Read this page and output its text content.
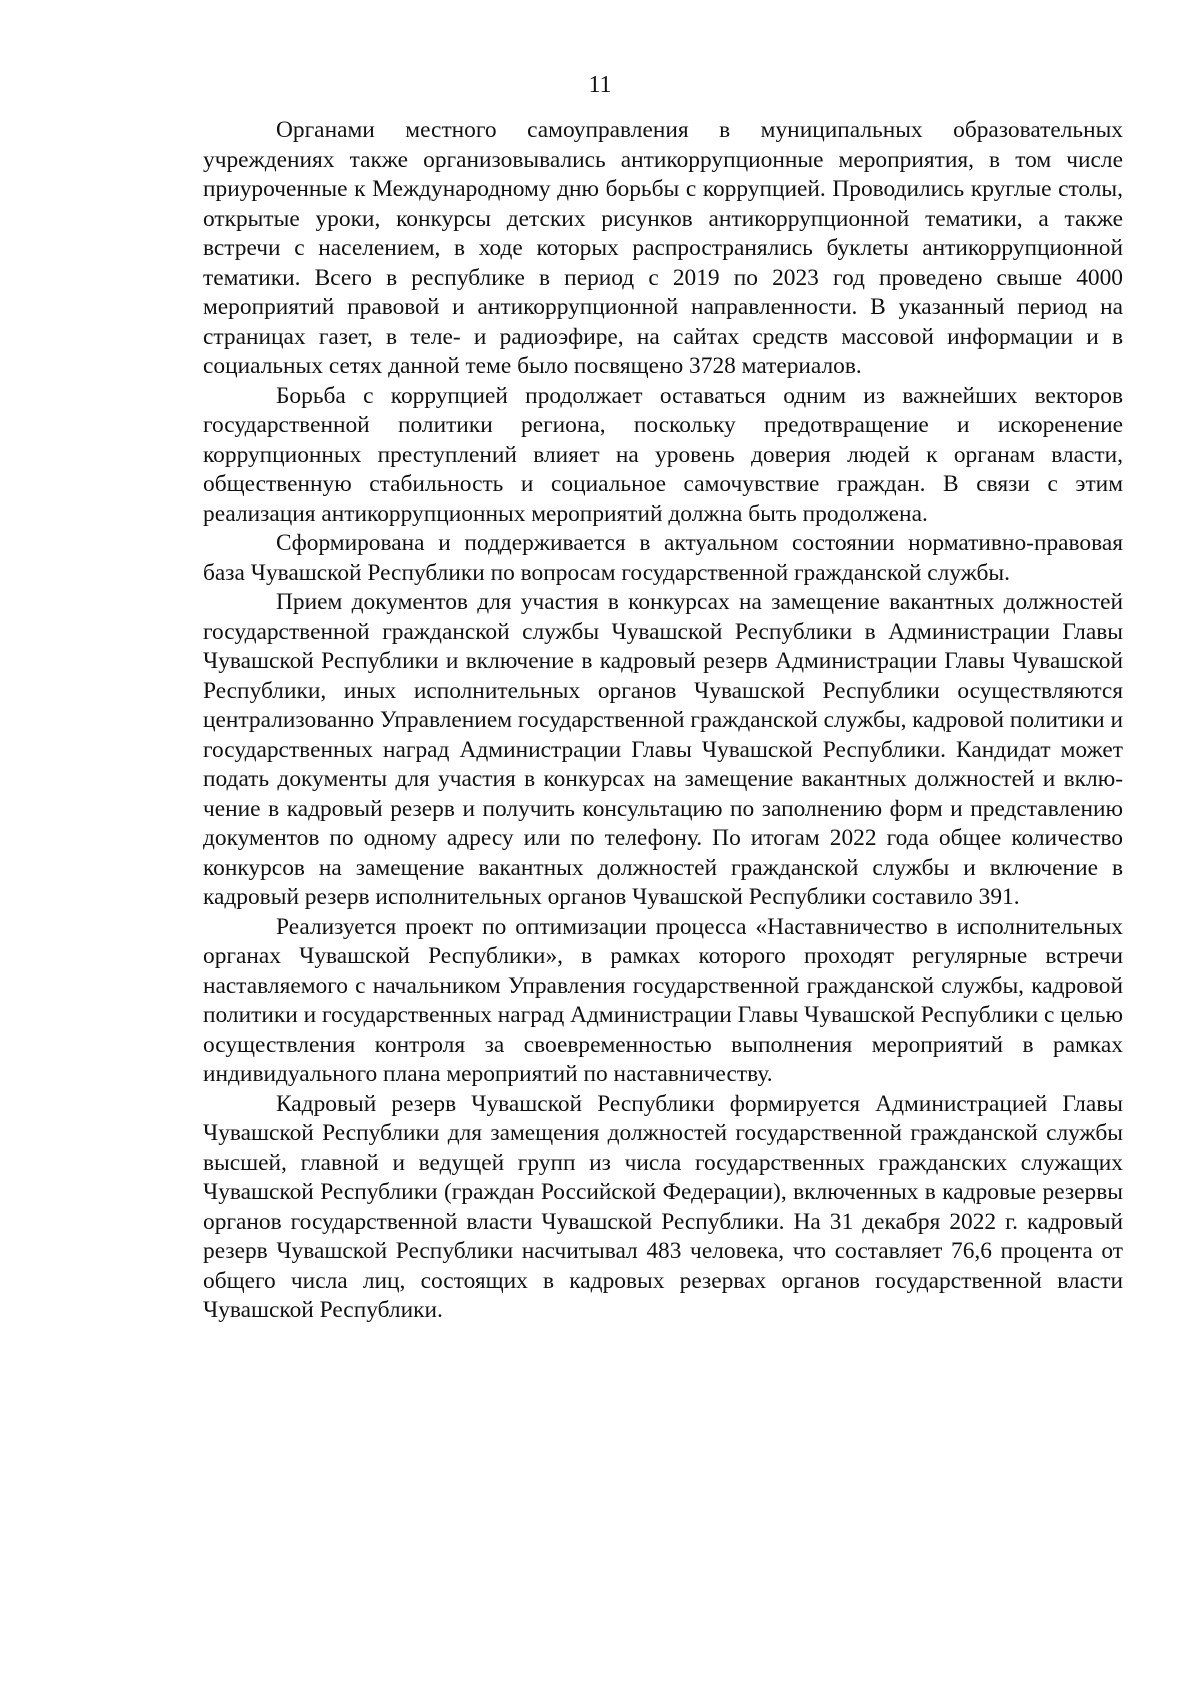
11

Органами местного самоуправления в муниципальных образовательных учреждениях также организовывались антикоррупционные мероприятия, в том числе приуроченные к Международному дню борьбы с коррупцией. Проводились круглые столы, открытые уроки, конкурсы детских рисунков антикоррупционной тематики, а также встречи с населением, в ходе которых распространялись буклеты антикоррупционной тематики. Всего в республике в период с 2019 по 2023 год проведено свыше 4000 мероприятий правовой и антикоррупционной направленности. В указанный период на страницах газет, в теле- и радиоэфире, на сайтах средств массовой информации и в социальных сетях данной теме было посвящено 3728 материалов.

Борьба с коррупцией продолжает оставаться одним из важнейших векторов государственной политики региона, поскольку предотвращение и искоренение коррупционных преступлений влияет на уровень доверия людей к органам власти, общественную стабильность и социальное самочувствие граждан. В связи с этим реализация антикоррупционных мероприятий должна быть продолжена.

Сформирована и поддерживается в актуальном состоянии нормативно-правовая база Чувашской Республики по вопросам государственной гражданской службы.

Прием документов для участия в конкурсах на замещение вакантных должностей государственной гражданской службы Чувашской Республики в Администрации Главы Чувашской Республики и включение в кадровый резерв Администрации Главы Чувашской Республики, иных исполнительных органов Чувашской Республики осуществляются централизованно Управлением государственной гражданской службы, кадровой политики и государственных наград Администрации Главы Чувашской Республики. Кандидат может подать документы для участия в конкурсах на замещение вакантных должностей и включение в кадровый резерв и получить консультацию по заполнению форм и представлению документов по одному адресу или по телефону. По итогам 2022 года общее количество конкурсов на замещение вакантных должностей гражданской службы и включение в кадровый резерв исполнительных органов Чувашской Республики составило 391.

Реализуется проект по оптимизации процесса «Наставничество в исполнительных органах Чувашской Республики», в рамках которого проходят регулярные встречи наставляемого с начальником Управления государственной гражданской службы, кадровой политики и государственных наград Администрации Главы Чувашской Республики с целью осуществления контроля за своевременностью выполнения мероприятий в рамках индивидуального плана мероприятий по наставничеству.

Кадровый резерв Чувашской Республики формируется Администрацией Главы Чувашской Республики для замещения должностей государственной гражданской службы высшей, главной и ведущей групп из числа государственных гражданских служащих Чувашской Республики (граждан Российской Федерации), включенных в кадровые резервы органов государственной власти Чувашской Республики. На 31 декабря 2022 г. кадровый резерв Чувашской Республики насчитывал 483 человека, что составляет 76,6 процента от общего числа лиц, состоящих в кадровых резервах органов государственной власти Чувашской Республики.
